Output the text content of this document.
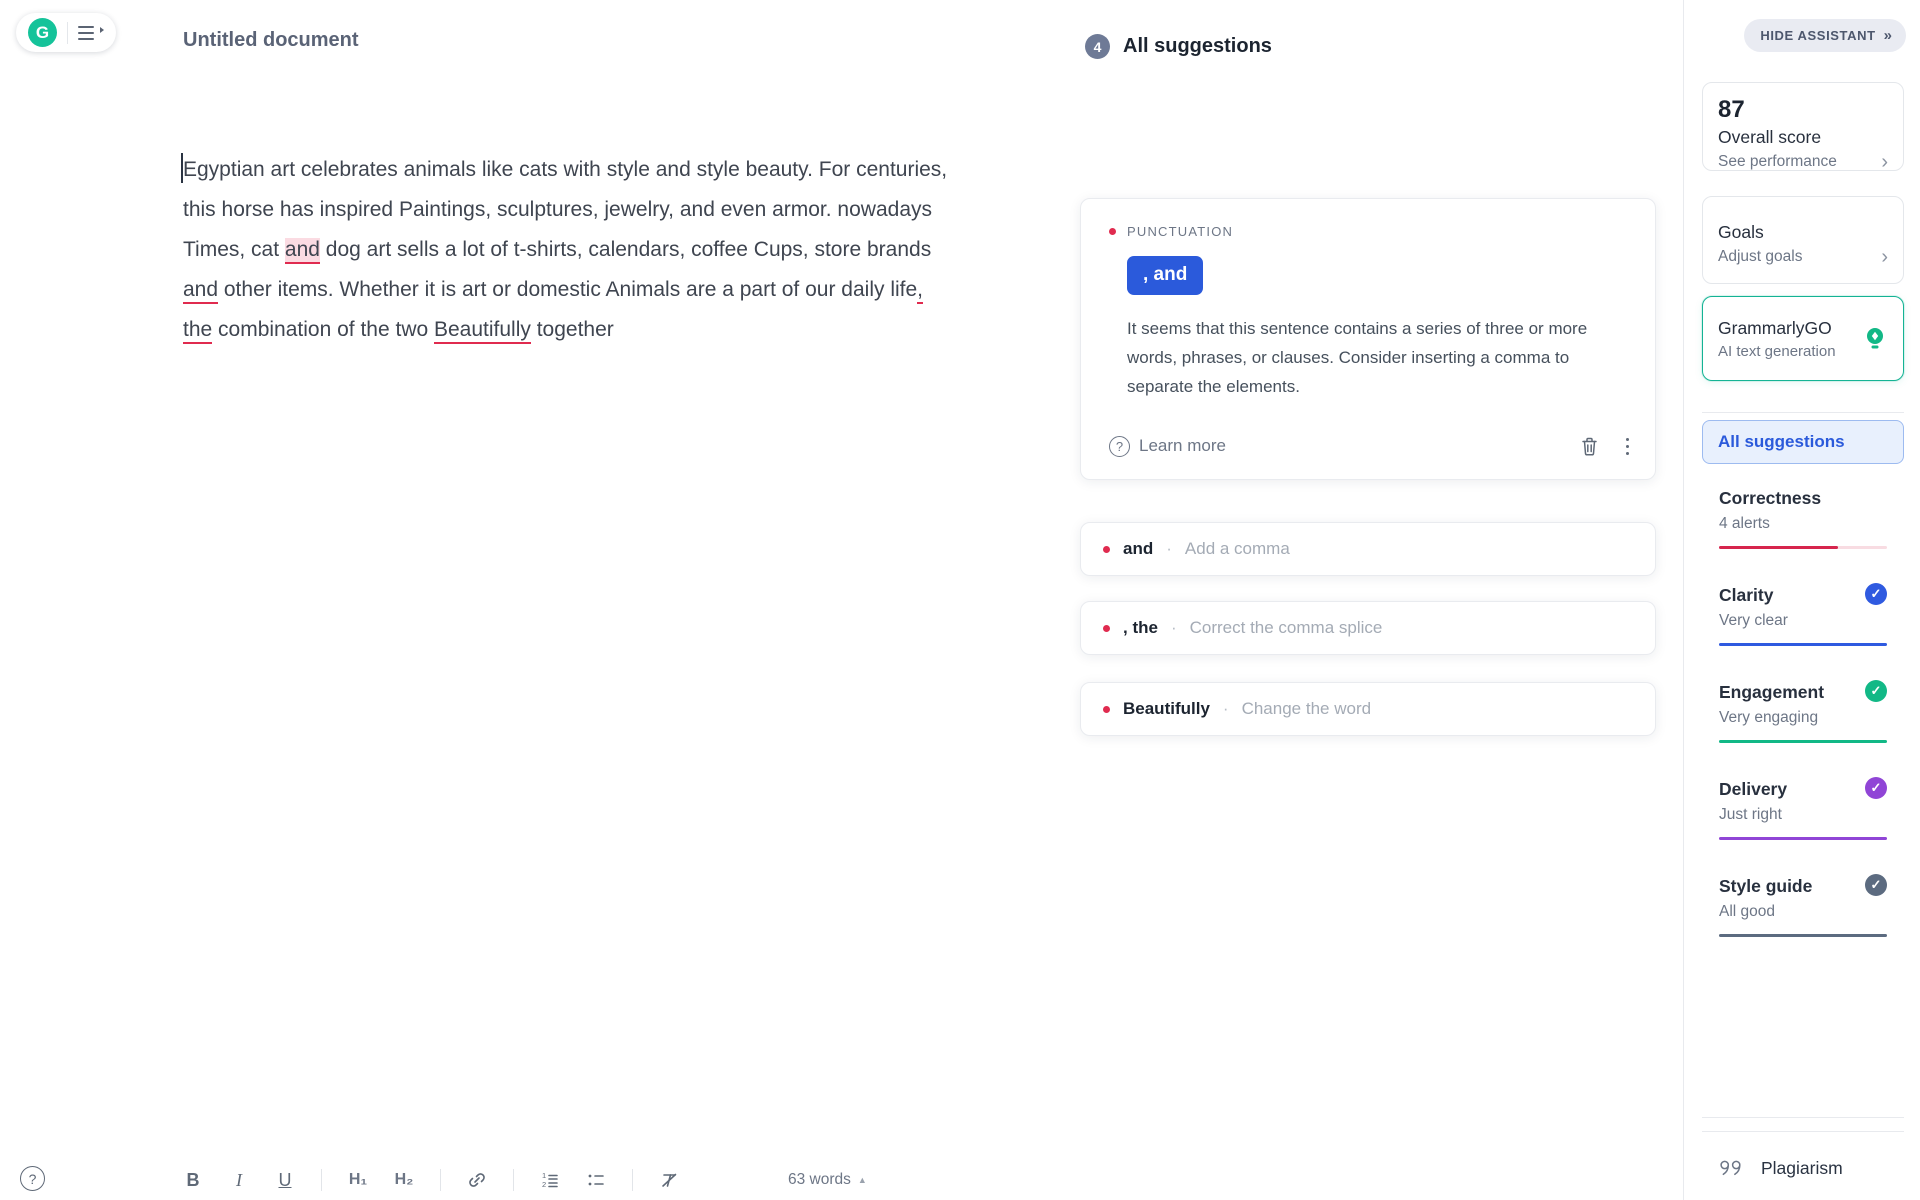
G	Untitled document

Egyptian art celebrates animals like cats with style and style beauty. For centuries, this horse has inspired Paintings, sculptures, jewelry, and even armor. nowadays

Times, cat and dog art sells a lot of t-shirts, calendars, coffee Cups, store brands and other items. Whether it is art or domestic Animals are a part of our daily life, the combination of the two Beautifully together

B	I	U	H₁ H₂	1
2	63 words ▲
?
4	All suggestions
PUNCTUATION
, and
It seems that this sentence contains a series of three or more words, phrases, or clauses. Consider inserting a comma to separate the elements.
? Learn more
and · Add a comma
, the · Correct the comma splice
Beautifully · Change the word
HIDE ASSISTANT »
87
Overall score
See performance ›
Goals
Adjust goals	›
GrammarlyGO
AI text generation
All suggestions
Correctness
4 alerts
Clarity	✓
Very clear
Engagement	✓
Very engaging
Delivery	✓
Just right
Style guide	✓
All good
Plagiarism
